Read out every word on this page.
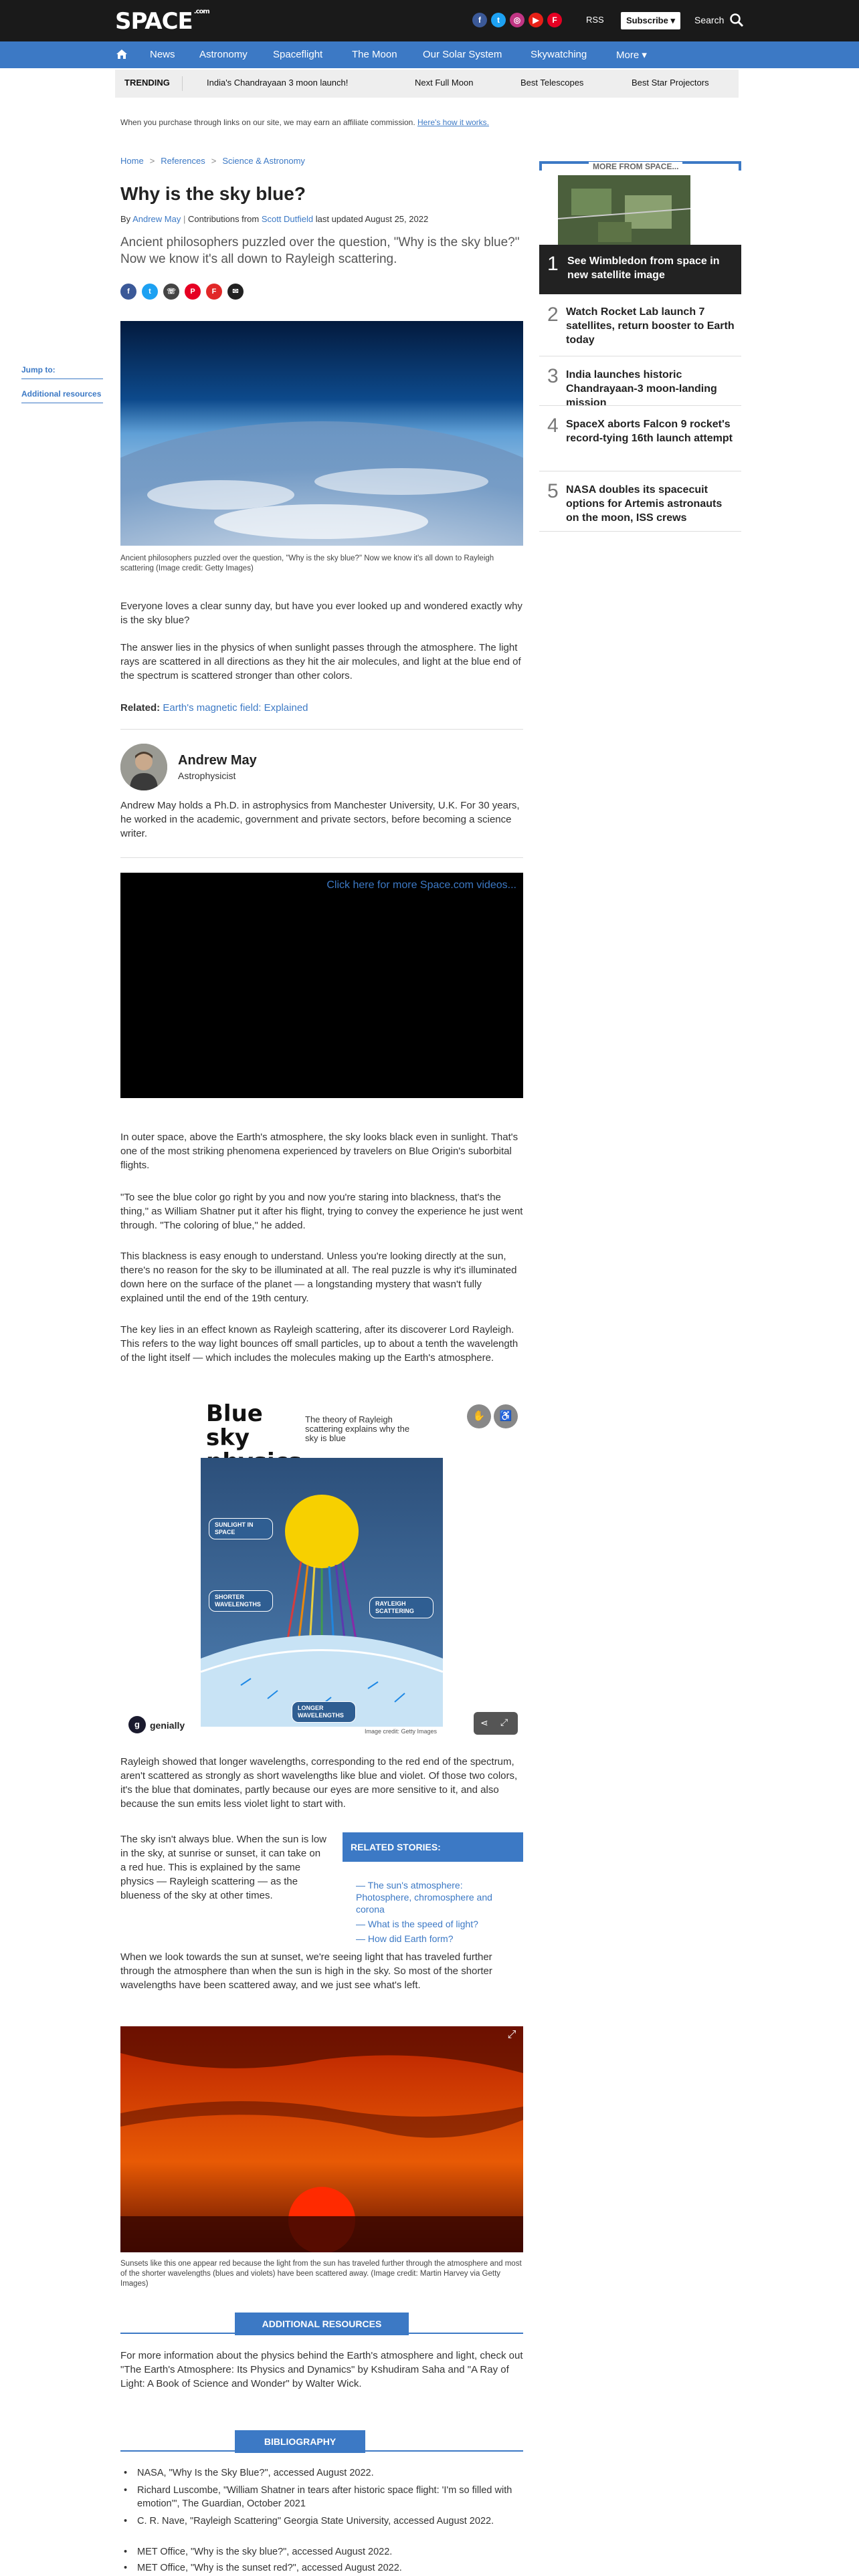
SPACE $^{.com}$
f	t	◎	▶	F	RSS	Subscribe ▾	Search
News Astronomy	Spaceflight	The Moon	Our Solar System	Skywatching	More ▾
TRENDING	India's Chandrayaan 3 moon launch!	Next Full Moon	Best Telescopes	Best Star Projectors
When you purchase through links on our site, we may earn an affiliate commission. Here's how it works.
Jump to:
Additional resources
Home > References > Science & Astronomy
Why is the sky blue?
By Andrew May | Contributions from Scott Dutfield last updated August 25, 2022
Ancient philosophers puzzled over the question, "Why is the sky blue?" Now we know it's all down to Rayleigh scattering.
f	t	☏	P	F	✉
Ancient philosophers puzzled over the question, "Why is the sky blue?" Now we know it's all down to Rayleigh scattering (Image credit: Getty Images)
Everyone loves a clear sunny day, but have you ever looked up and wondered exactly why is the sky blue?
The answer lies in the physics of when sunlight passes through the atmosphere. The light rays are scattered in all directions as they hit the air molecules, and light at the blue end of the spectrum is scattered stronger than other colors.
Related: Earth's magnetic field: Explained
Andrew May
Astrophysicist
Andrew May holds a Ph.D. in astrophysics from Manchester University, U.K. For 30 years, he worked in the academic, government and private sectors, before becoming a science writer.
Click here for more Space.com videos...
In outer space, above the Earth's atmosphere, the sky looks black even in sunlight. That's one of the most striking phenomena experienced by travelers on Blue Origin's suborbital flights.
"To see the blue color go right by you and now you're staring into blackness, that's the thing," as William Shatner put it after his flight, trying to convey the experience he just went through. "The coloring of blue," he added.
This blackness is easy enough to understand. Unless you're looking directly at the sun, there's no reason for the sky to be illuminated at all. The real puzzle is why it's illuminated down here on the surface of the planet — a longstanding mystery that wasn't fully explained until the end of the 19th century.
The key lies in an effect known as Rayleigh scattering, after its discoverer Lord Rayleigh. This refers to the way light bounces off small particles, up to about a tenth the wavelength of the light itself — which includes the molecules making up the Earth's atmosphere.
Blue sky
The theory of Rayleigh scattering explains why the sky is blue
✋	♿
SUNLIGHT IN SPACE
SHORTER WAVELENGTHS	RAYLEIGH SCATTERING
LONGER WAVELENGTHS
Image credit: Getty Images
g	genially	⋖ ⤢
Rayleigh showed that longer wavelengths, corresponding to the red end of the spectrum, aren't scattered as strongly as short wavelengths like blue and violet. Of those two colors, it's the blue that dominates, partly because our eyes are more sensitive to it, and also because the sun emits less violet light to start with.
RELATED STORIES:
— The sun's atmosphere: Photosphere, chromosphere and corona
— What is the speed of light?
— How did Earth form?
The sky isn't always blue. When the sun is low in the sky, at sunrise or sunset, it can take on a red hue. This is explained by the same physics — Rayleigh scattering — as the blueness of the sky at other times.
When we look towards the sun at sunset, we're seeing light that has traveled further through the atmosphere than when the sun is high in the sky. So most of the shorter wavelengths have been scattered away, and we just see what's left.
⤢
Sunsets like this one appear red because the light from the sun has traveled further through the atmosphere and most of the shorter wavelengths (blues and violets) have been scattered away. (Image credit: Martin Harvey via Getty Images)
ADDITIONAL RESOURCES
For more information about the physics behind the Earth's atmosphere and light, check out "The Earth's Atmosphere: Its Physics and Dynamics" by Kshudiram Saha and "A Ray of Light: A Book of Science and Wonder" by Walter Wick.
BIBLIOGRAPHY
• NASA, "Why Is the Sky Blue?", accessed August 2022.
• Richard Luscombe, "William Shatner in tears after historic space flight: 'I'm so filled with emotion'", The Guardian, October 2021
• C. R. Nave, "Rayleigh Scattering" Georgia State University, accessed August 2022.
• MET Office, "Why is the sky blue?", accessed August 2022.
• MET Office, "Why is the sunset red?", accessed August 2022.
MORE FROM SPACE...
1 See Wimbledon from space in new satellite image
2 Watch Rocket Lab launch 7 satellites, return booster to Earth today
3 India launches historic Chandrayaan-3 moon-landing mission
4 SpaceX aborts Falcon 9 rocket's record-tying 16th launch attempt
5 NASA doubles its spacecuit options for Artemis astronauts on the moon, ISS crews
